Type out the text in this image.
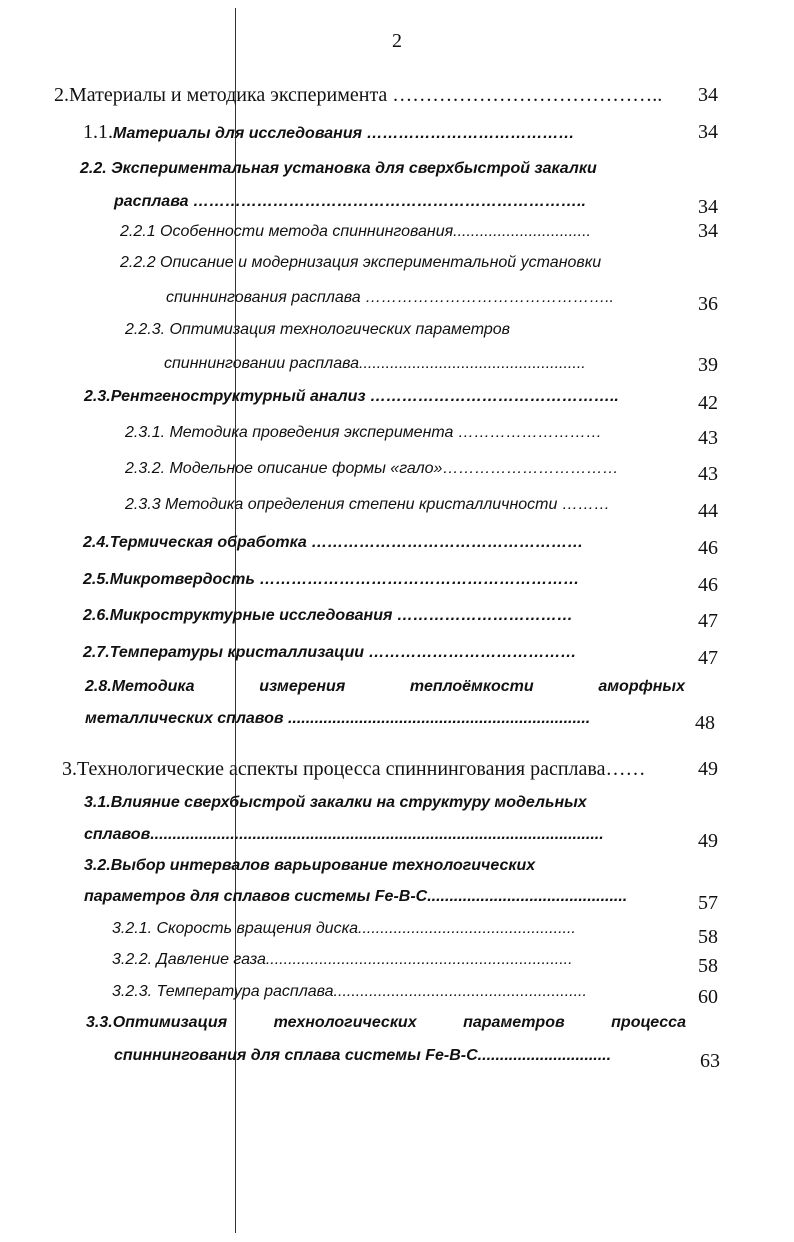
2
2.Материалы и методика эксперимента ………………………………….. 34
1.1.Материалы для исследования …………………………………	34
2.2. Экспериментальная установка для сверхбыстрой закалки
расплава ………………………………………………………………..	34
2.2.1 Особенности метода спиннингования...............................	34
2.2.2 Описание и модернизация экспериментальной установки
спиннингования расплава ………………………………………..	36
2.2.3. Оптимизация технологических параметров
спиннинговании расплава...................................................	39
2.3.Рентгеноструктурный анализ ………………………………………..	42
2.3.1. Методика проведения эксперимента ………………………	43
2.3.2. Модельное описание формы «гало»……………………………	43
2.3.3 Методика определения степени кристалличности ………	44
2.4.Термическая обработка ……………………………………………	46
2.5.Микротвердость ……………………………………………………	46
2.6.Микроструктурные исследования ……………………………	47
2.7.Температуры кристаллизации …………………………………	47
2.8.Методика	измерения	теплоёмкости	аморфных
металлических сплавов ....................................................................	48
3.Технологические аспекты процесса спиннингования расплава……	49
3.1.Влияние сверхбыстрой закалки на структуру модельных
сплавов......................................................................................................	49
3.2.Выбор интервалов варьирование технологических
параметров для сплавов системы Fe-B-C.............................................	57
3.2.1. Скорость вращения диска.................................................	58
3.2.2. Давление газа.....................................................................	58
3.2.3. Температура расплава.........................................................	60
3.3.Оптимизация	технологических	параметров	процесса
спиннингования для сплава системы Fe-B-C..............................	63
